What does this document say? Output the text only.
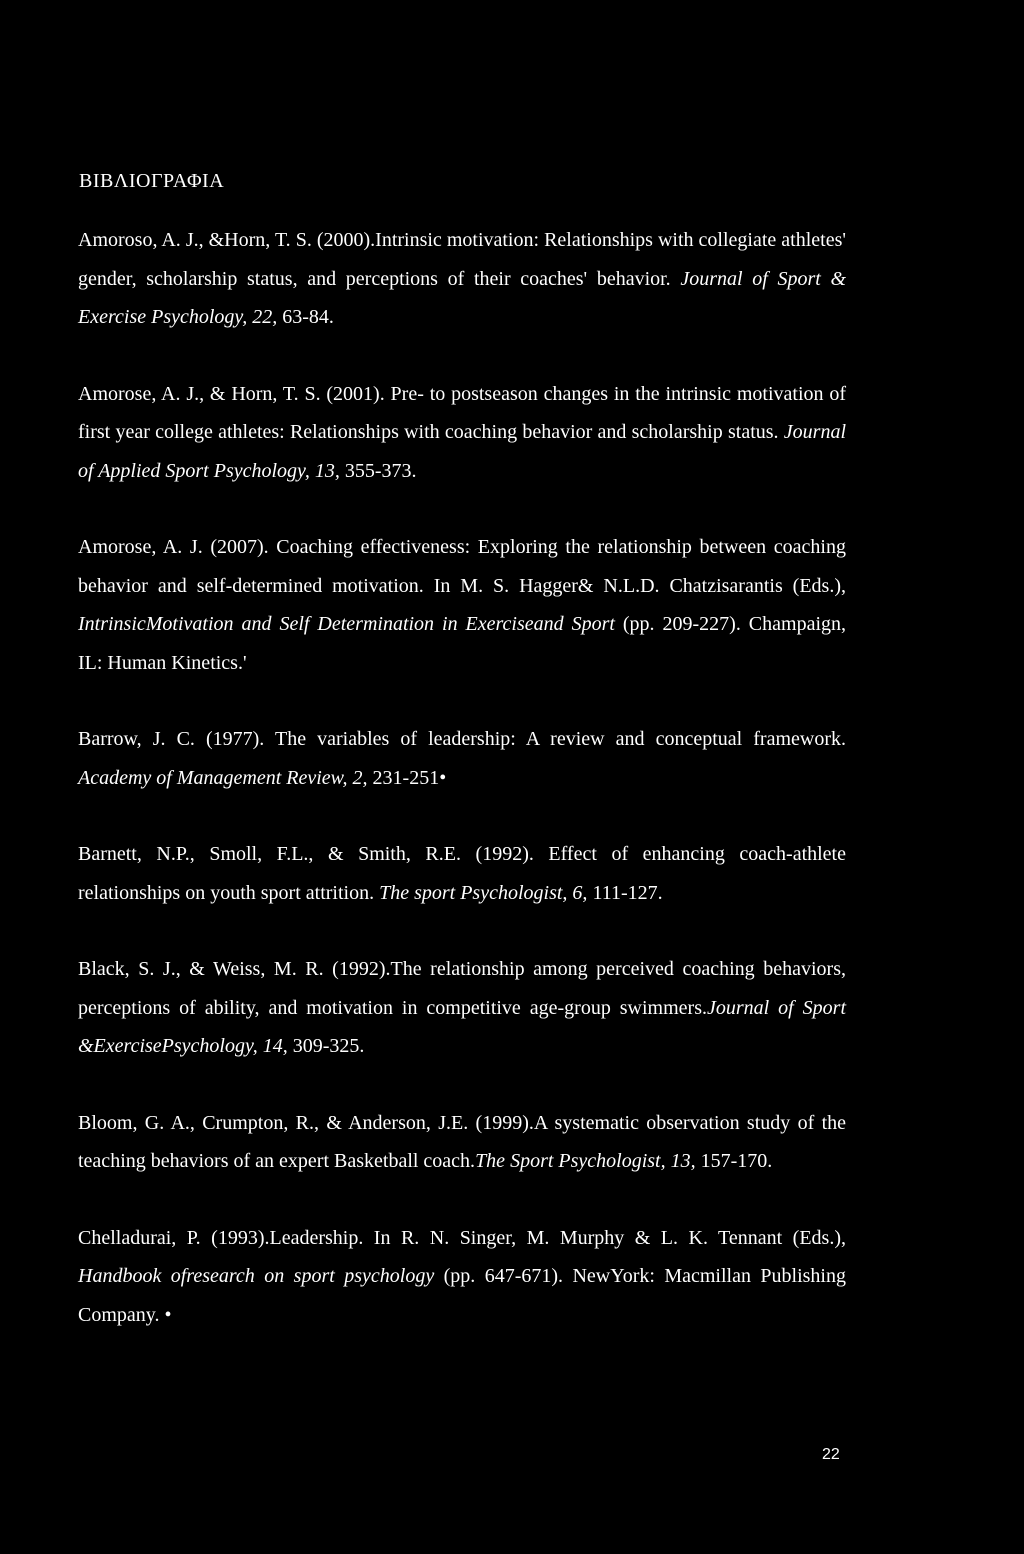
ΒΙΒΛΙΟΓΡΑΦΙΑ

Amoroso, A. J., &Horn, T. S. (2000).Intrinsic motivation: Relationships with collegiate athletes' gender, scholarship status, and perceptions of their coaches' behavior. Journal of Sport & Exercise Psychology, 22, 63-84.

Amorose, A. J., & Horn, T. S. (2001). Pre- to postseason changes in the intrinsic motivation of first year college athletes: Relationships with coaching behavior and scholarship status. Journal of Applied Sport Psychology, 13, 355-373.

Amorose, A. J. (2007). Coaching effectiveness: Exploring the relationship between coaching behavior and self-determined motivation. In M. S. Hagger& N.L.D. Chatzisarantis (Eds.), IntrinsicMotivation and Self Determination in Exerciseand Sport (pp. 209-227). Champaign, IL: Human Kinetics.'

Barrow, J. C. (1977). The variables of leadership: A review and conceptual framework. Academy of Management Review, 2, 231-251•

Barnett, N.P., Smoll, F.L., & Smith, R.E. (1992). Effect of enhancing coach-athlete relationships on youth sport attrition. The sport Psychologist, 6, 111-127.

Black, S. J., & Weiss, M. R. (1992).The relationship among perceived coaching behaviors, perceptions of ability, and motivation in competitive age-group swimmers.Journal of Sport &ExercisePsychology, 14, 309-325.

Bloom, G. A., Crumpton, R., & Anderson, J.E. (1999).A systematic observation study of the teaching behaviors of an expert Basketball coach.The Sport Psychologist, 13, 157-170.

Chelladurai, P. (1993).Leadership. In R. N. Singer, M. Murphy & L. K. Tennant (Eds.), Handbook ofresearch on sport psychology (pp. 647-671). NewYork: Macmillan Publishing Company. •

22
